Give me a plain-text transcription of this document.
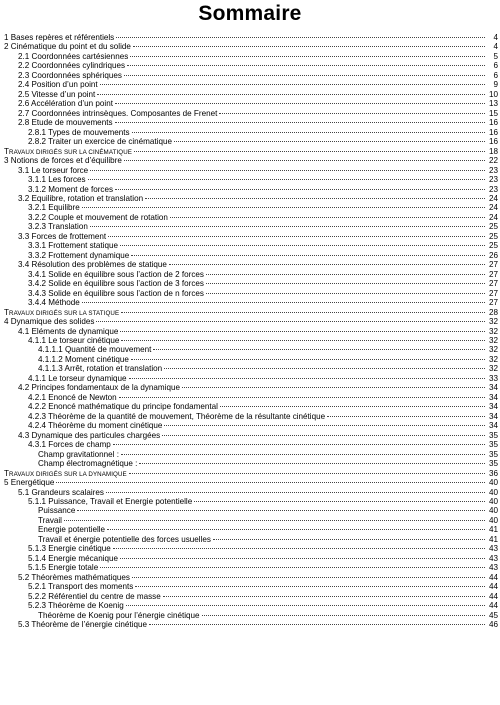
Sommaire
1 Bases repères et référentiels	4
2 Cinématique du point et du solide	4
2.1 Coordonnées cartésiennes	5
2.2 Coordonnées cylindriques	6
2.3 Coordonnées sphériques	6
2.4 Position d’un point	9
2.5 Vitesse d’un point	10
2.6 Accélération d’un point	13
2.7 Coordonnées intrinsèques. Composantes de Frenet	15
2.8 Etude de mouvements	16
2.8.1 Types de mouvements	16
2.8.2 Traiter un exercice de cinématique	16
TRAVAUX DIRIGÉS SUR LA CINÉMATIQUE	18
3 Notions de forces et d’équilibre	22
3.1 Le torseur force	23
3.1.1 Les forces	23
3.1.2 Moment de forces	23
3.2 Equilibre, rotation et translation	24
3.2.1 Equilibre	24
3.2.2 Couple et mouvement de rotation	24
3.2.3 Translation	25
3.3 Forces de frottement	25
3.3.1 Frottement statique	25
3.3.2 Frottement dynamique	26
3.4 Résolution des problèmes de statique	27
3.4.1 Solide en équilibre sous l’action de 2 forces	27
3.4.2 Solide en équilibre sous l’action de 3 forces	27
3.4.3 Solide en équilibre sous l’action de n forces	27
3.4.4 Méthode	27
TRAVAUX DIRIGÉS SUR LA STATIQUE	28
4 Dynamique des solides	32
4.1 Eléments de dynamique	32
4.1.1 Le torseur cinétique	32
4.1.1.1 Quantité de mouvement	32
4.1.1.2 Moment cinétique	32
4.1.1.3 Arrêt, rotation et translation	32
4.1.1 Le torseur dynamique	33
4.2 Principes fondamentaux de la dynamique	34
4.2.1 Enoncé de Newton	34
4.2.2 Enoncé mathématique du principe fondamental	34
4.2.3 Théorème de la quantité de mouvement, Théorème de la résultante cinétique	34
4.2.4 Théorème du moment cinétique	34
4.3 Dynamique des particules chargées	35
4.3.1 Forces de champ	35
Champ gravitationnel :	35
Champ électromagnétique :	35
TRAVAUX DIRIGÉS SUR LA DYNAMIQUE	36
5 Energétique	40
5.1 Grandeurs scalaires	40
5.1.1 Puissance, Travail et Energie potentielle	40
Puissance	40
Travail	40
Energie potentielle	41
Travail et énergie potentielle des forces usuelles	41
5.1.3 Energie cinétique	43
5.1.4 Energie mécanique	43
5.1.5 Energie totale	43
5.2 Théorèmes mathématiques	44
5.2.1 Transport des moments	44
5.2.2 Référentiel du centre de masse	44
5.2.3 Théorème de Koenig	44
Théorème de Koenig pour l’énergie cinétique	45
5.3 Théorème de l’énergie cinétique	46
